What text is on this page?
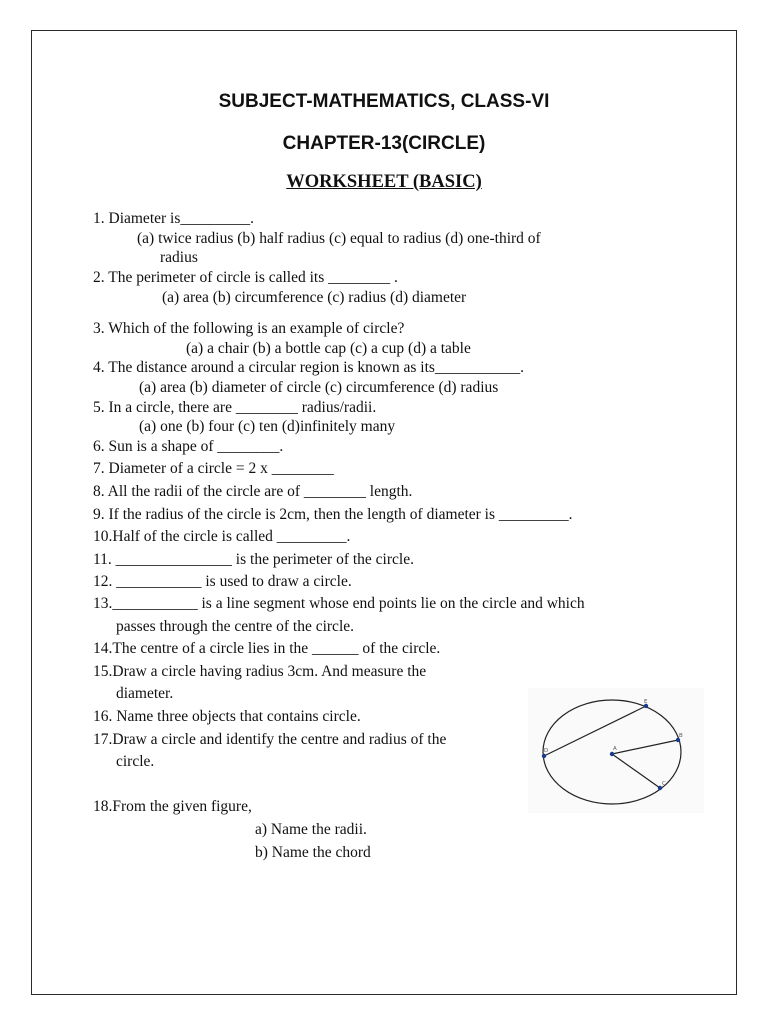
SUBJECT-MATHEMATICS, CLASS-VI
CHAPTER-13(CIRCLE)
WORKSHEET (BASIC)
1. Diameter is_________.
(a) twice radius (b) half radius (c) equal to radius (d) one-third of
radius
2. The perimeter of circle is called its ________ .
(a) area (b) circumference (c) radius (d) diameter
3. Which of the following is an example of circle?
(a) a chair (b) a bottle cap (c) a cup (d) a table
4. The distance around a circular region is known as its___________.
(a) area (b) diameter of circle (c) circumference (d) radius
5. In a circle, there are ________ radius/radii.
(a) one (b) four (c) ten (d)infinitely many
6. Sun is a shape of ________.
7. Diameter of a circle = 2 x ________
8. All the radii of the circle are of ________ length.
9. If the radius of the circle is 2cm, then the length of diameter is _________.
10.Half of the circle is called _________.
11. _______________ is the perimeter of the circle.
12. ___________ is used to draw a circle.
13.___________ is a line segment whose end points lie on the circle and which
passes through the centre of the circle.
14.The centre of a circle lies in the ______ of the circle.
15.Draw a circle having radius 3cm. And measure the
diameter.
16. Name three objects that contains circle.
17.Draw a circle and identify the centre and radius of the
circle.
18.From the given figure,
a) Name the radii.
b) Name the chord
E
D	A
B
C
